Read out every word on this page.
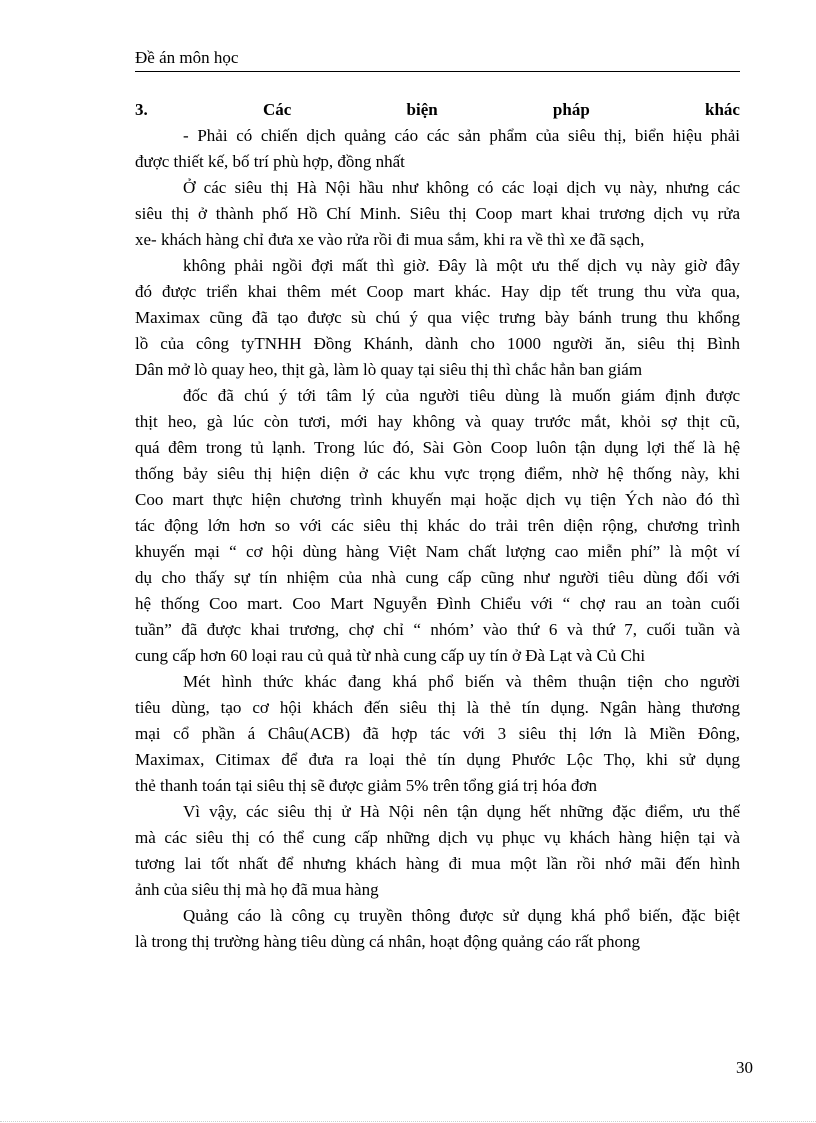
Đề án môn học
3.	Các	biện	pháp	khác
- Phải có chiến dịch quảng cáo các sản phẩm của siêu thị, biển hiệu phải
được thiết kế, bố trí phù hợp, đồng nhất
Ở các siêu thị Hà Nội hầu như không có các loại dịch vụ này, nhưng các
siêu thị ở thành phố Hồ Chí Minh. Siêu thị Coop mart khai trương dịch vụ rửa
xe- khách hàng chỉ đưa xe vào rửa rồi đi mua sắm, khi ra về thì xe đã sạch,
không phải ngồi đợi mất thì giờ. Đây là một ưu thế dịch vụ này giờ đây
đó được triển khai thêm mét Coop mart khác. Hay dịp tết trung thu vừa qua,
Maximax cũng đã tạo được sù chú ý qua việc trưng bày bánh trung thu khổng
lồ của công tyTNHH Đồng Khánh, dành cho 1000 người ăn, siêu thị Bình
Dân mở lò quay heo, thịt gà, làm lò quay tại siêu thị thì chắc hẳn ban giám
đốc đã chú ý tới tâm lý của người tiêu dùng là muốn giám định được
thịt heo, gà lúc còn tươi, mới hay không và quay trước mắt, khỏi sợ thịt cũ,
quá đêm trong tủ lạnh. Trong lúc đó, Sài Gòn Coop luôn tận dụng lợi thế là hệ
thống bảy siêu thị hiện diện ở các khu vực trọng điểm, nhờ hệ thống này, khi
Coo mart thực hiện chương trình khuyến mại hoặc dịch vụ tiện Ých nào đó thì
tác động lớn hơn so với các siêu thị khác do trải trên diện rộng, chương trình
khuyến mại “ cơ hội dùng hàng Việt Nam chất lượng cao miễn phí” là một ví
dụ cho thấy sự tín nhiệm của nhà cung cấp cũng như người tiêu dùng đối với
hệ thống Coo mart. Coo Mart Nguyễn Đình Chiểu với “ chợ rau an toàn cuối
tuần” đã được khai trương, chợ chỉ “ nhóm’ vào thứ 6 và thứ 7, cuối tuần và
cung cấp hơn 60 loại rau củ quả từ nhà cung cấp uy tín ở Đà Lạt và Củ Chi
Mét hình thức khác đang khá phổ biến và thêm thuận tiện cho người
tiêu dùng, tạo cơ hội khách đến siêu thị là thẻ tín dụng. Ngân hàng thương
mại cổ phần á Châu(ACB) đã hợp tác với 3 siêu thị lớn là Miền Đông,
Maximax, Citimax để đưa ra loại thẻ tín dụng Phước Lộc Thọ, khi sử dụng
thẻ thanh toán tại siêu thị sẽ được giảm 5% trên tổng giá trị hóa đơn
Vì vậy, các siêu thị ử Hà Nội nên tận dụng hết những đặc điểm, ưu thế
mà các siêu thị có thể cung cấp những dịch vụ phục vụ khách hàng hiện tại và
tương lai tốt nhất để nhưng khách hàng đi mua một lần rồi nhớ mãi đến hình
ảnh của siêu thị mà họ đã mua hàng
Quảng cáo là công cụ truyền thông được sử dụng khá phổ biến, đặc biệt
là trong thị trường hàng tiêu dùng cá nhân, hoạt động quảng cáo rất phong
30
